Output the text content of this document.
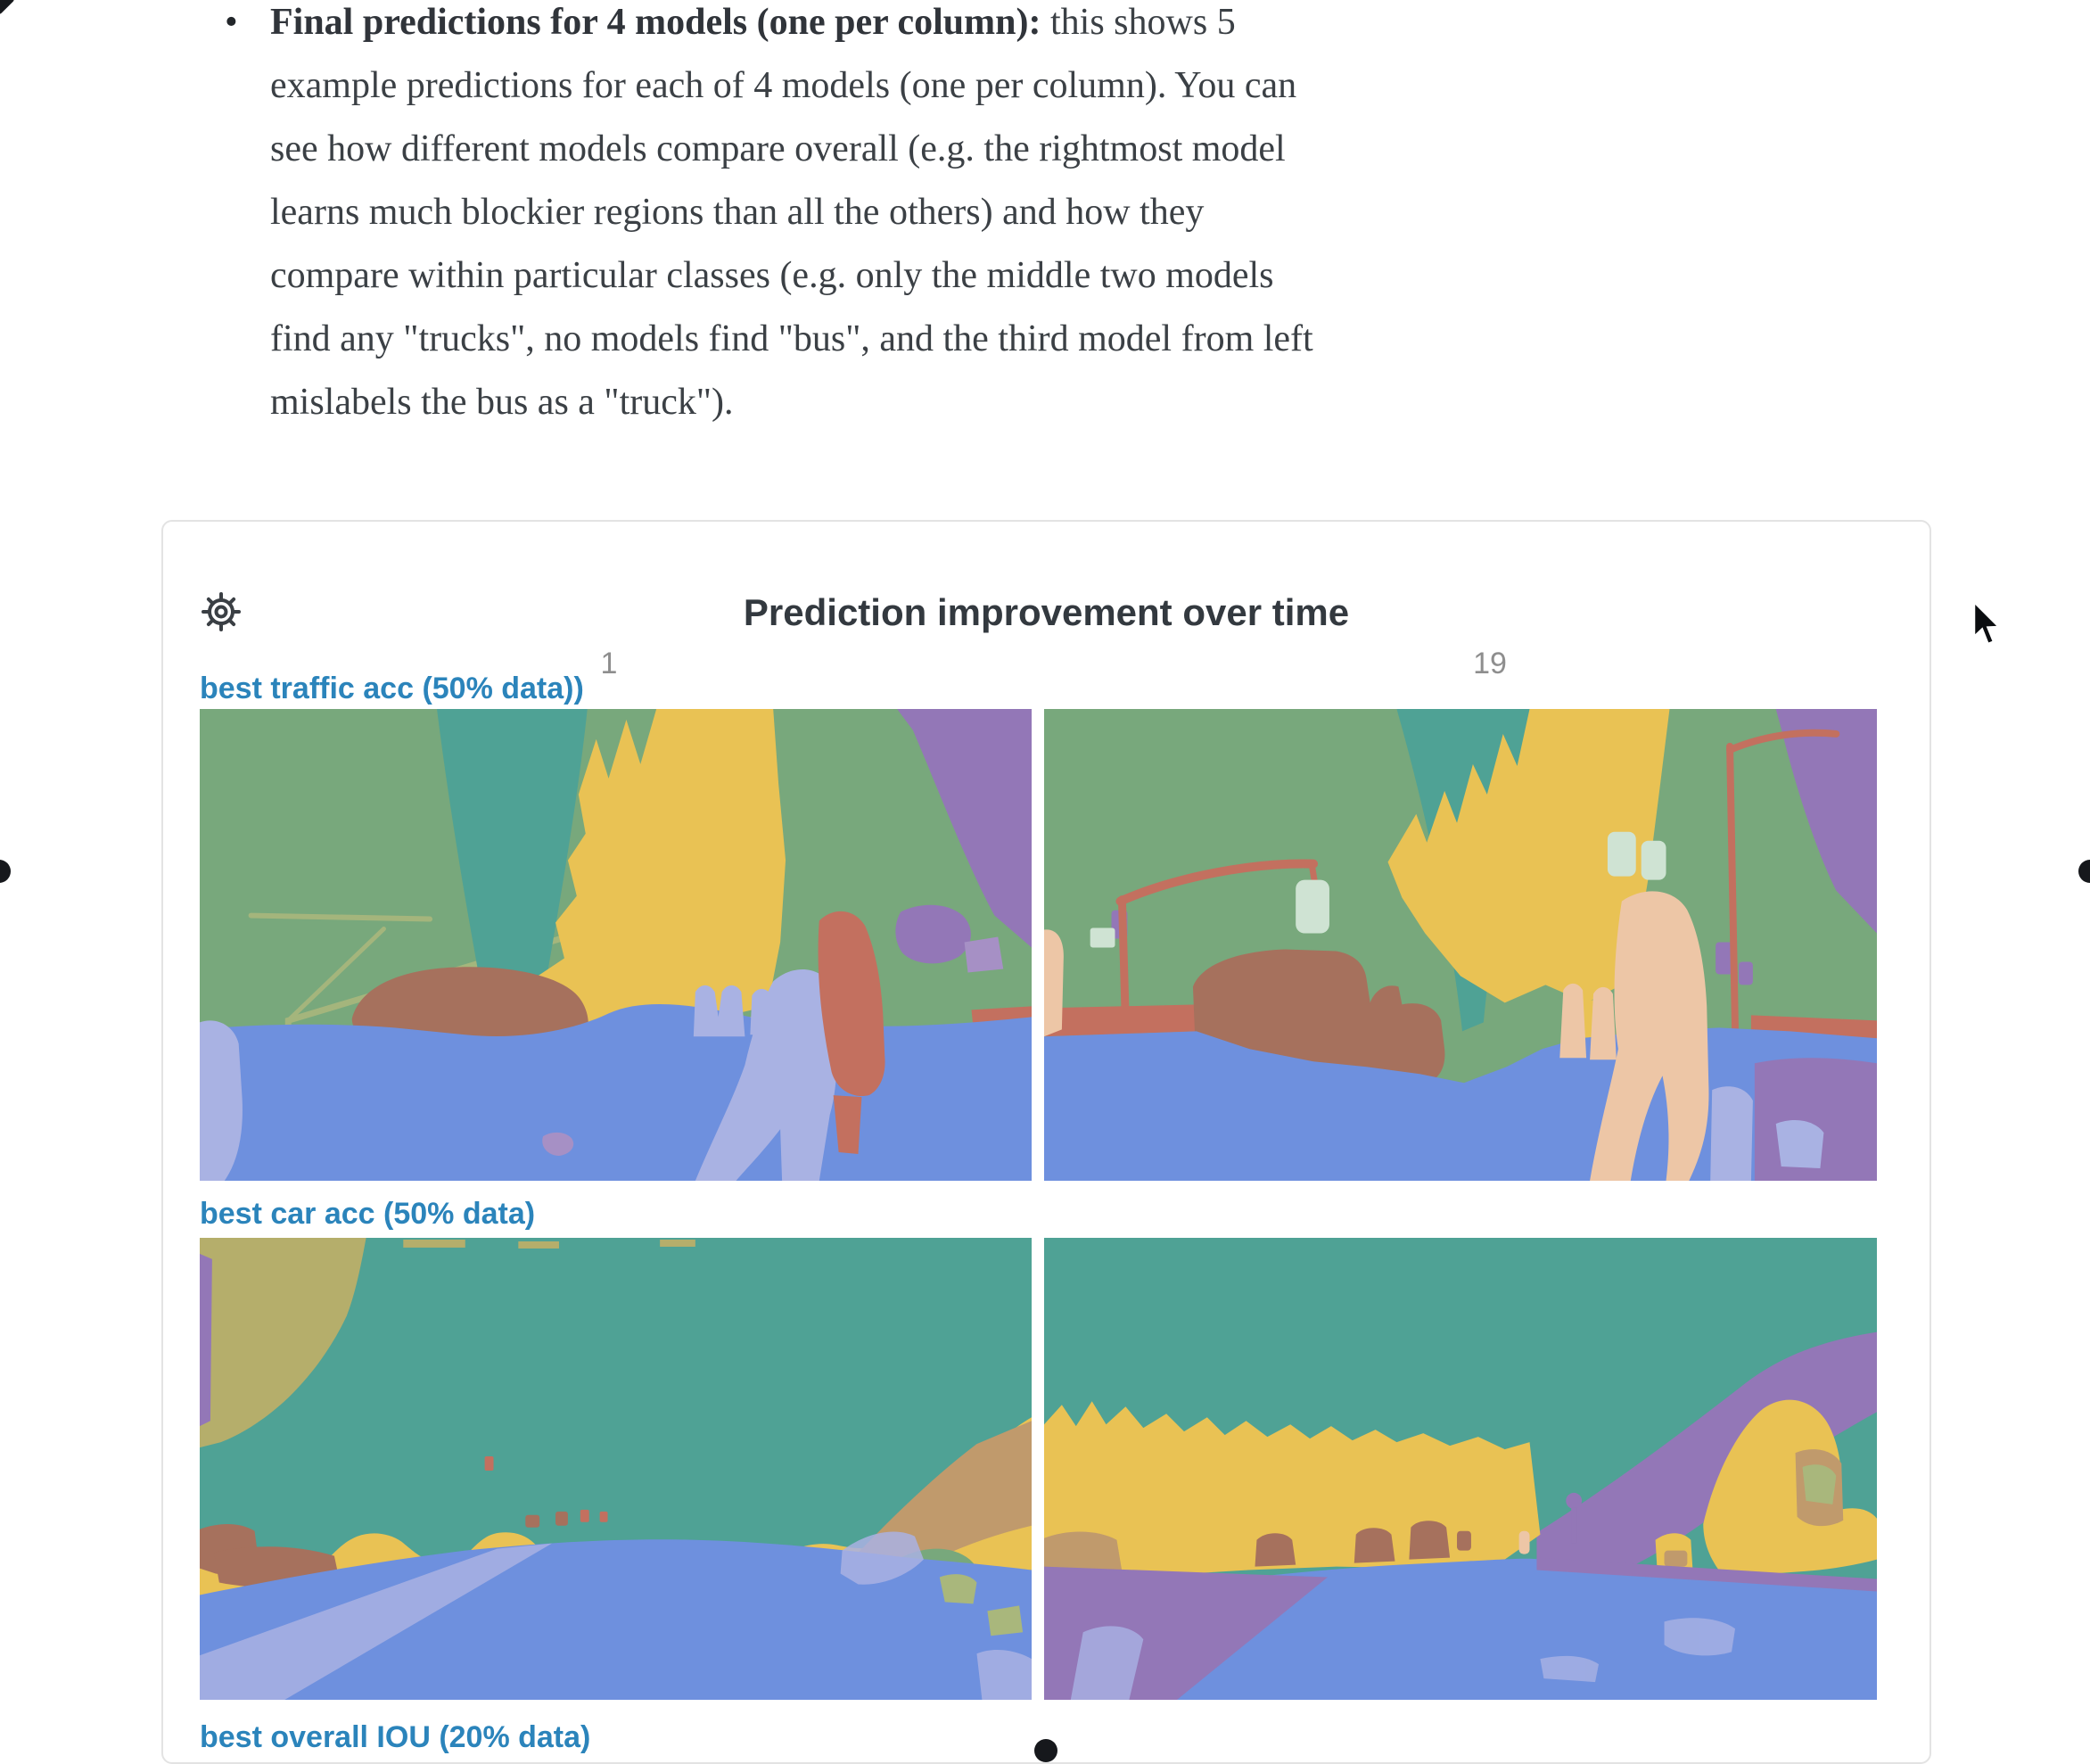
• Final predictions for 4 models (one per column): this shows 5 example predictions for each of 4 models (one per column). You can see how different models compare overall (e.g. the rightmost model learns much blockier regions than all the others) and how they compare within particular classes (e.g. only the middle two models find any "trucks", no models find "bus", and the third model from left mislabels the bus as a "truck").
Prediction improvement over time
1	19
best traffic acc (50% data))
best car acc (50% data)
best overall IOU (20% data)
